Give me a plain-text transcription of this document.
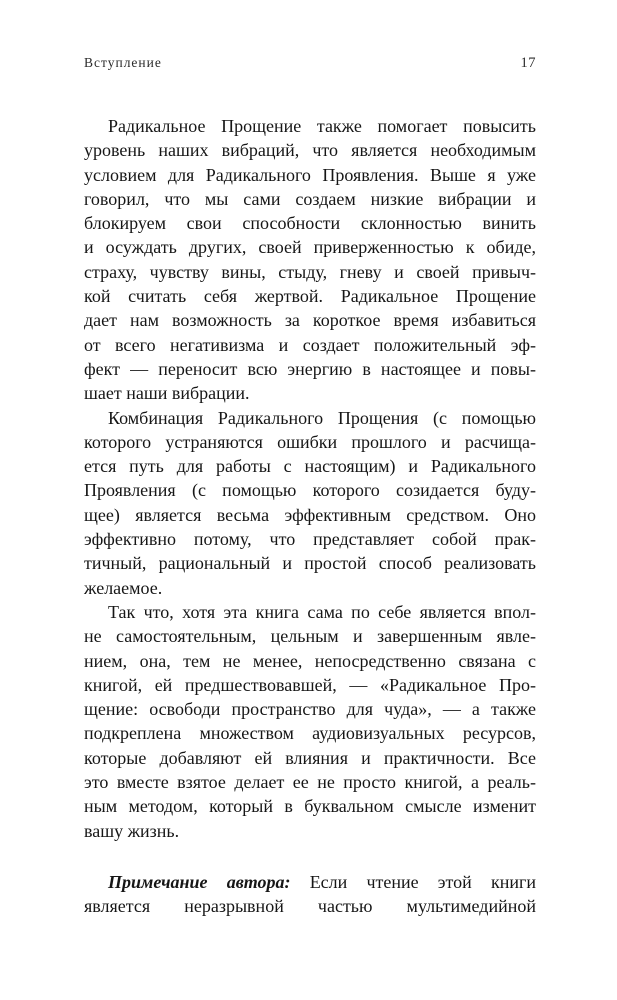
Вступление	17
Радикальное Прощение также помогает повысить
уровень наших вибраций, что является необходимым
условием для Радикального Проявления. Выше я уже
говорил, что мы сами создаем низкие вибрации и
блокируем свои способности склонностью винить
и осуждать других, своей приверженностью к обиде,
страху, чувству вины, стыду, гневу и своей привыч-
кой считать себя жертвой. Радикальное Прощение
дает нам возможность за короткое время избавиться
от всего негативизма и создает положительный эф-
фект — переносит всю энергию в настоящее и повы-
шает наши вибрации.
Комбинация Радикального Прощения (с помощью
которого устраняются ошибки прошлого и расчища-
ется путь для работы с настоящим) и Радикального
Проявления (с помощью которого созидается буду-
щее) является весьма эффективным средством. Оно
эффективно потому, что представляет собой прак-
тичный, рациональный и простой способ реализовать
желаемое.
Так что, хотя эта книга сама по себе является впол-
не самостоятельным, цельным и завершенным явле-
нием, она, тем не менее, непосредственно связана с
книгой, ей предшествовавшей, — «Радикальное Про-
щение: освободи пространство для чуда», — а также
подкреплена множеством аудиовизуальных ресурсов,
которые добавляют ей влияния и практичности. Все
это вместе взятое делает ее не просто книгой, а реаль-
ным методом, который в буквальном смысле изменит
вашу жизнь.
Примечание автора: Если чтение этой книги
является неразрывной частью мультимедийной
